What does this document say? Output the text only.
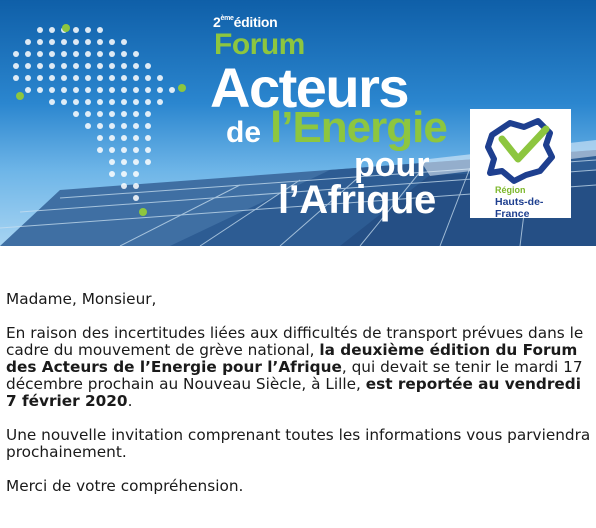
2èmeédition
Forum
Acteurs
de l’Energie
pour
l’Afrique	Région
Hauts-de-France

Madame, Monsieur,

En raison des incertitudes liées aux difficultés de transport prévues dans le cadre du mouvement de grève national, la deuxième édition du Forum des Acteurs de l’Energie pour l’Afrique, qui devait se tenir le mardi 17 décembre prochain au Nouveau Siècle, à Lille, est reportée au vendredi 7 février 2020.

Une nouvelle invitation comprenant toutes les informations vous parviendra prochainement.

Merci de votre compréhension.
